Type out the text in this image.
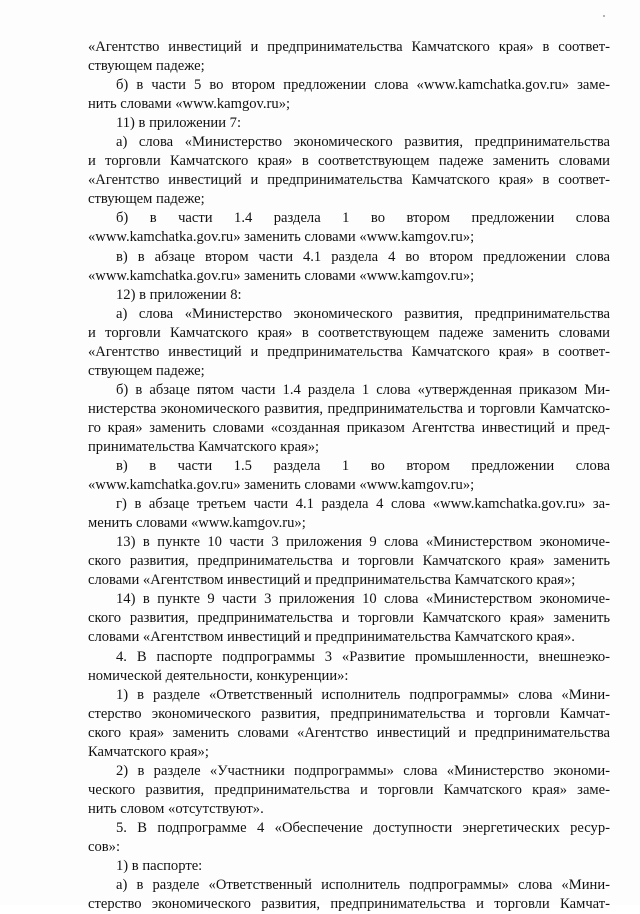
«Агентство инвестиций и предпринимательства Камчатского края» в соответ-
ствующем падеже;
б) в части 5 во втором предложении слова «www.kamchatka.gov.ru» заме-
нить словами «www.kamgov.ru»;
11) в приложении 7:
а) слова «Министерство экономического развития, предпринимательства
и торговли Камчатского края» в соответствующем падеже заменить словами
«Агентство инвестиций и предпринимательства Камчатского края» в соответ-
ствующем падеже;
б) в части 1.4 раздела 1 во втором предложении слова
«www.kamchatka.gov.ru» заменить словами «www.kamgov.ru»;
в) в абзаце втором части 4.1 раздела 4 во втором предложении слова
«www.kamchatka.gov.ru» заменить словами «www.kamgov.ru»;
12) в приложении 8:
а) слова «Министерство экономического развития, предпринимательства
и торговли Камчатского края» в соответствующем падеже заменить словами
«Агентство инвестиций и предпринимательства Камчатского края» в соответ-
ствующем падеже;
б) в абзаце пятом части 1.4 раздела 1 слова «утвержденная приказом Ми-
нистерства экономического развития, предпринимательства и торговли Камчатско-
го края» заменить словами «созданная приказом Агентства инвестиций и пред-
принимательства Камчатского края»;
в) в части 1.5 раздела 1 во втором предложении слова
«www.kamchatka.gov.ru» заменить словами «www.kamgov.ru»;
г) в абзаце третьем части 4.1 раздела 4 слова «www.kamchatka.gov.ru» за-
менить словами «www.kamgov.ru»;
13) в пункте 10 части 3 приложения 9 слова «Министерством экономиче-
ского развития, предпринимательства и торговли Камчатского края» заменить
словами «Агентством инвестиций и предпринимательства Камчатского края»;
14) в пункте 9 части 3 приложения 10 слова «Министерством экономиче-
ского развития, предпринимательства и торговли Камчатского края» заменить
словами «Агентством инвестиций и предпринимательства Камчатского края».
4. В паспорте подпрограммы 3 «Развитие промышленности, внешнеэко-
номической деятельности, конкуренции»:
1) в разделе «Ответственный исполнитель подпрограммы» слова «Мини-
стерство экономического развития, предпринимательства и торговли Камчат-
ского края» заменить словами «Агентство инвестиций и предпринимательства
Камчатского края»;
2) в разделе «Участники подпрограммы» слова «Министерство экономи-
ческого развития, предпринимательства и торговли Камчатского края» заме-
нить словом «отсутствуют».
5. В подпрограмме 4 «Обеспечение доступности энергетических ресур-
сов»:
1) в паспорте:
а) в разделе «Ответственный исполнитель подпрограммы» слова «Мини-
стерство экономического развития, предпринимательства и торговли Камчат-
